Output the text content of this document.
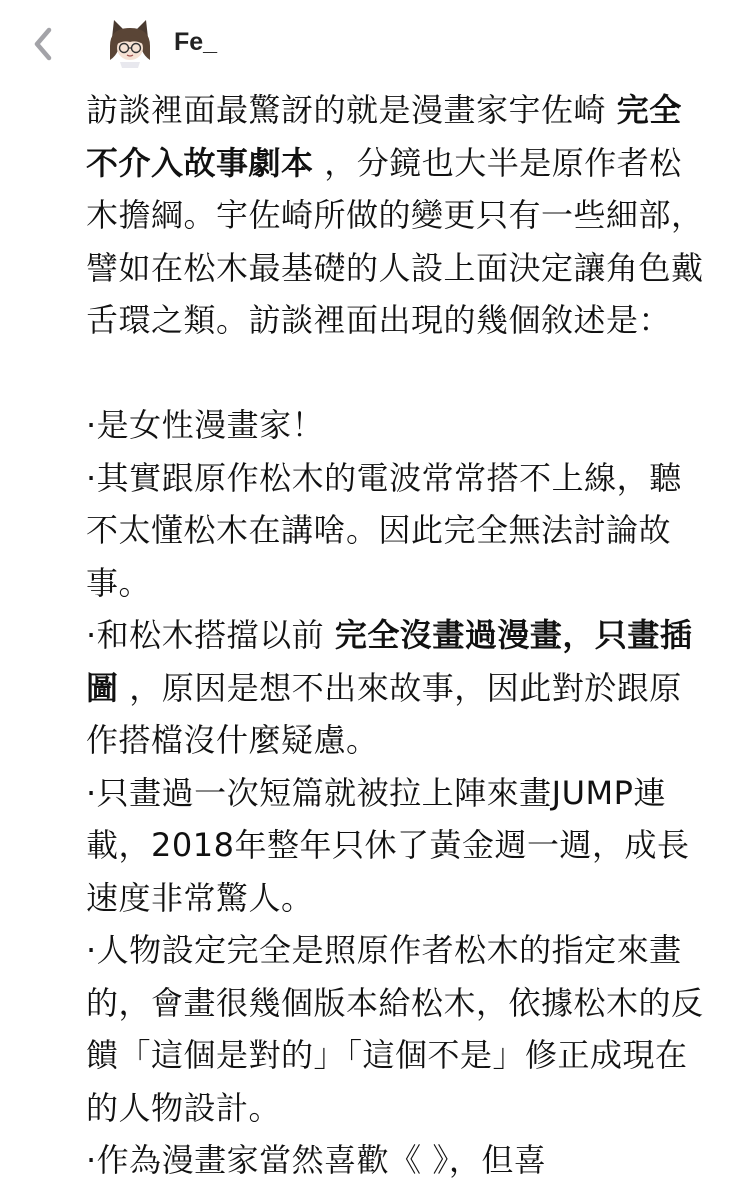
Fe_

訪談裡面最驚訝的就是漫畫家宇佐崎 完全不介入故事劇本 ，分鏡也大半是原作者松木擔綱。宇佐崎所做的變更只有一些細部，譬如在松木最基礎的人設上面決定讓角色戴舌環之類。訪談裡面出現的幾個敘述是：

·是女性漫畫家！

·其實跟原作松木的電波常常搭不上線，聽不太懂松木在講啥。因此完全無法討論故事。

·和松木搭擋以前 完全沒畫過漫畫，只畫插圖 ，原因是想不出來故事，因此對於跟原作搭檔沒什麼疑慮。

·只畫過一次短篇就被拉上陣來畫JUMP連載，2018年整年只休了黃金週一週，成長速度非常驚人。

·人物設定完全是照原作者松木的指定來畫的，會畫很幾個版本給松木，依據松木的反饋「這個是對的」「這個不是」修正成現在的人物設計。

·作為漫畫家當然喜歡《 》，但喜
